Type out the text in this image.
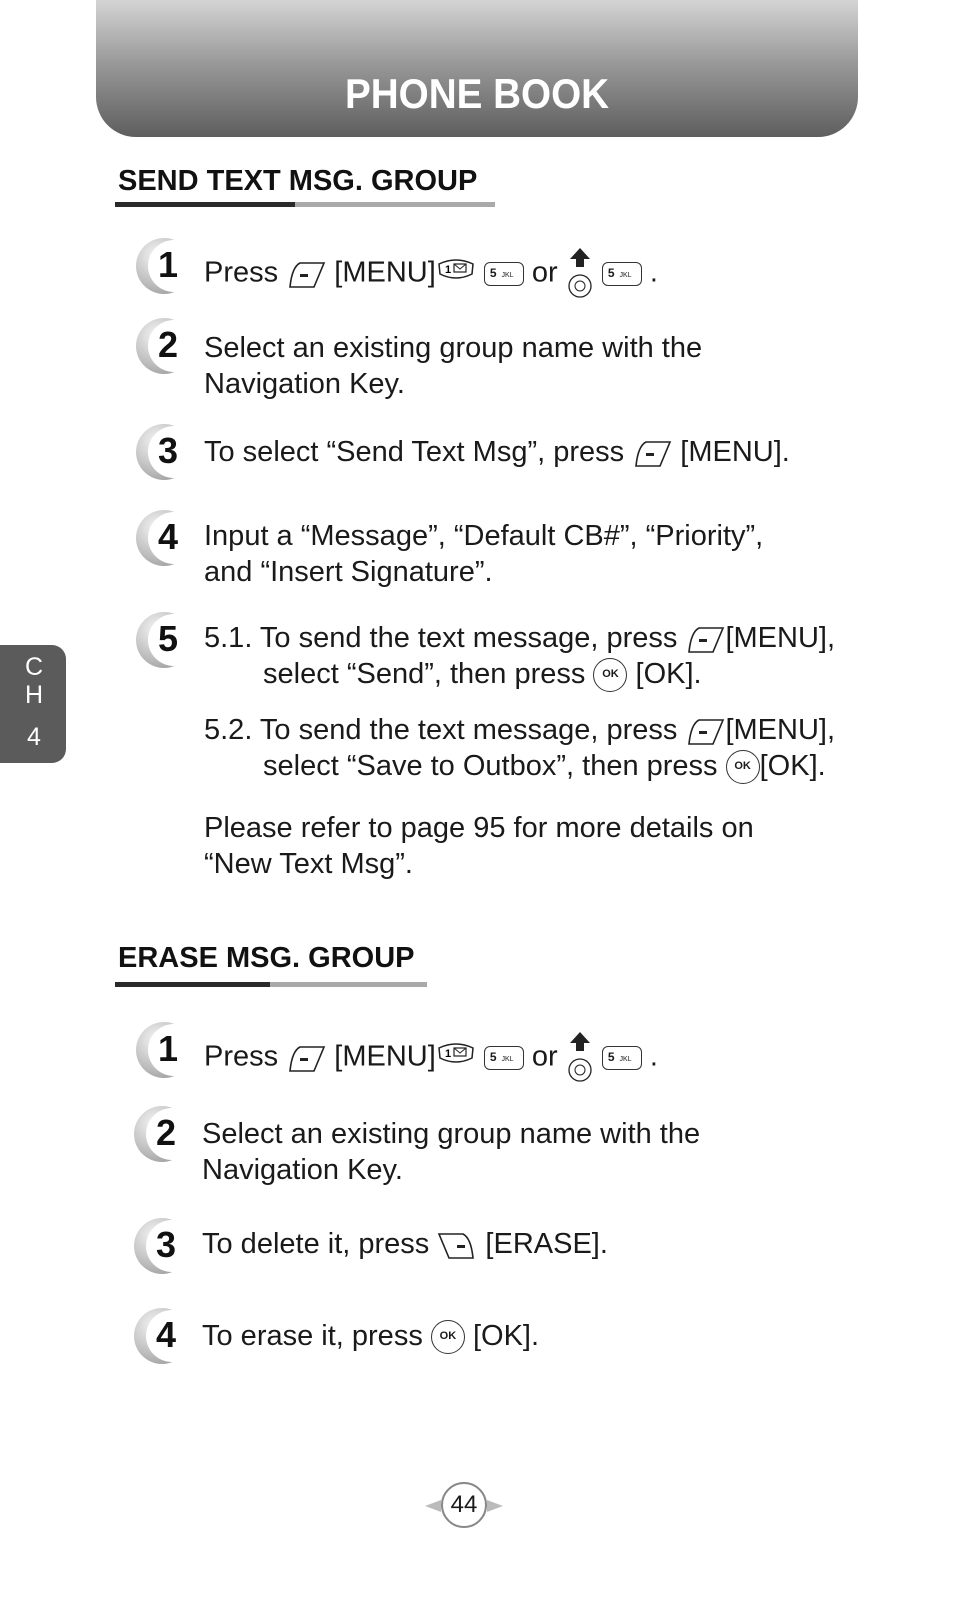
PHONE BOOK
C
H
4
SEND TEXT MSG. GROUP
1 Press [MENU] 1	5 JKL or	5 JKL .
2 Select an existing group name with the
Navigation Key.
3 To select “Send Text Msg”, press [MENU].
4 Input a “Message”, “Default CB#”, “Priority”,
and “Insert Signature”.
5 5.1. To send the text message, press [MENU],
select “Send”, then press OK [OK].
5.2. To send the text message, press [MENU],
select “Save to Outbox”, then press OK [OK].
Please refer to page 95 for more details on
“New Text Msg”.
ERASE MSG. GROUP
1 Press [MENU] 1	5 JKL or	5 JKL .
2 Select an existing group name with the
Navigation Key.
3 To delete it, press [ERASE].
4 To erase it, press OK [OK].
44
